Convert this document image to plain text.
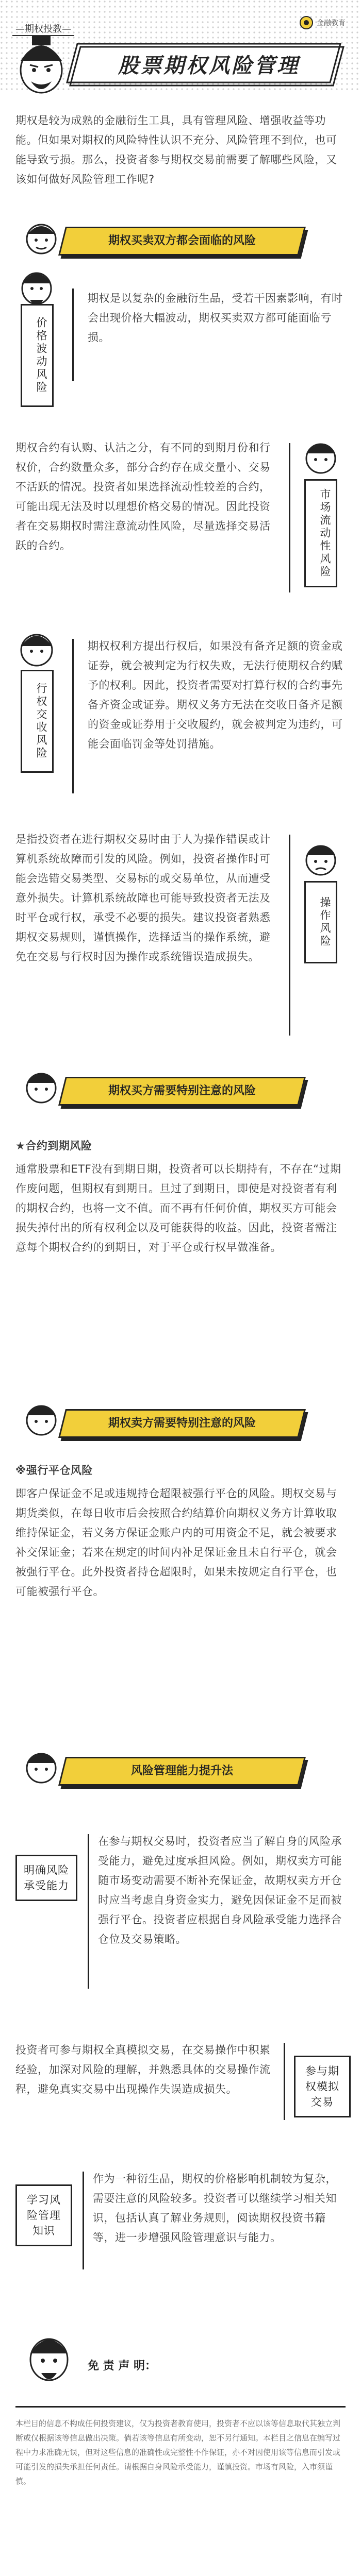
—期权投教—
金融教育
股票期权风险管理
期权是较为成熟的金融衍生工具，具有管理风险、增强收益等功能。但如果对期权的风险特性认识不充分、风险管理不到位，也可能导致亏损。那么，投资者参与期权交易前需要了解哪些风险，又该如何做好风险管理工作呢?
期权买卖双方都会面临的风险
价格波动风险
期权是以复杂的金融衍生品，受若干因素影响，有时会出现价格大幅波动，期权买卖双方都可能面临亏损。
期权合约有认购、认沽之分，有不同的到期月份和行权价，合约数量众多，部分合约存在成交量小、交易不活跃的情况。投资者如果选择流动性较差的合约，可能出现无法及时以理想价格交易的情况。因此投资者在交易期权时需注意流动性风险，尽量选择交易活跃的合约。	市场流动性风险
行权交收风险
期权权利方提出行权后，如果没有备齐足额的资金或证券，就会被判定为行权失败，无法行使期权合约赋予的权利。因此，投资者需要对打算行权的合约事先备齐资金或证券。期权义务方无法在交收日备齐足额的资金或证券用于交收履约，就会被判定为违约，可能会面临罚金等处罚措施。
是指投资者在进行期权交易时由于人为操作错误或计算机系统故障而引发的风险。例如，投资者操作时可能会选错交易类型、交易标的或交易单位，从而遭受意外损失。计算机系统故障也可能导致投资者无法及时平仓或行权，承受不必要的损失。建议投资者熟悉期权交易规则，谨慎操作，选择适当的操作系统，避免在交易与行权时因为操作或系统错误造成损失。
操作风险
期权买方需要特别注意的风险
★合约到期风险
通常股票和ETF没有到期日期，投资者可以长期持有，不存在“过期作废问题，但期权有到期日。旦过了到期日，即使是对投资者有利的期权合约，也将一文不值。而不再有任何价值，期权买方可能会损失掉付出的所有权利金以及可能获得的收益。因此，投资者需注意每个期权合约的到期日，对于平仓或行权早做准备。
期权卖方需要特别注意的风险
※强行平仓风险
即客户保证金不足或违规持仓超限被强行平仓的风险。期权交易与期货类似，在每日收市后会按照合约结算价向期权义务方计算收取维持保证金，若义务方保证金账户内的可用资金不足，就会被要求补交保证金；若来在规定的时间内补足保证金且未自行平仓，就会被强行平仓。此外投资者持仓超限时，如果未按规定自行平仓，也可能被强行平仓。
风险管理能力提升法
明确风险承受能力
在参与期权交易时，投资者应当了解自身的风险承受能力，避免过度承担风险。例如，期权卖方可能随市场变动需要不断补充保证金，故期权卖方开仓时应当考虑自身资金实力，避免因保证金不足而被强行平仓。投资者应根据自身风险承受能力选择合仓位及交易策略。
投资者可参与期权全真模拟交易，在交易操作中积累经验，加深对风险的理解，并熟悉具体的交易操作流程，避免真实交易中出现操作失误造成损失。
参与期权模拟交易
学习风险管理知识
作为一种衍生品，期权的价格影响机制较为复杂，需要注意的风险较多。投资者可以继续学习相关知识，包括认真了解业务规则，阅读期权投资书籍等，进一步增强风险管理意识与能力。
免 责 声 明：
本栏目的信息不构成任何投资建议，仅为投资者教育使用，投资者不应以该等信息取代其独立判断或仅根据该等信息做出决策。倘若该等信息有所变动，恕不另行通知。本栏目之信息在编写过程中力求准确无误，但对这些信息的准确性或完整性不作保证，亦不对因使用该等信息而引发或可能引发的损失承担任何责任。请根据自身风险承受能力，谨慎投资。市场有风险，入市须谨慎。
